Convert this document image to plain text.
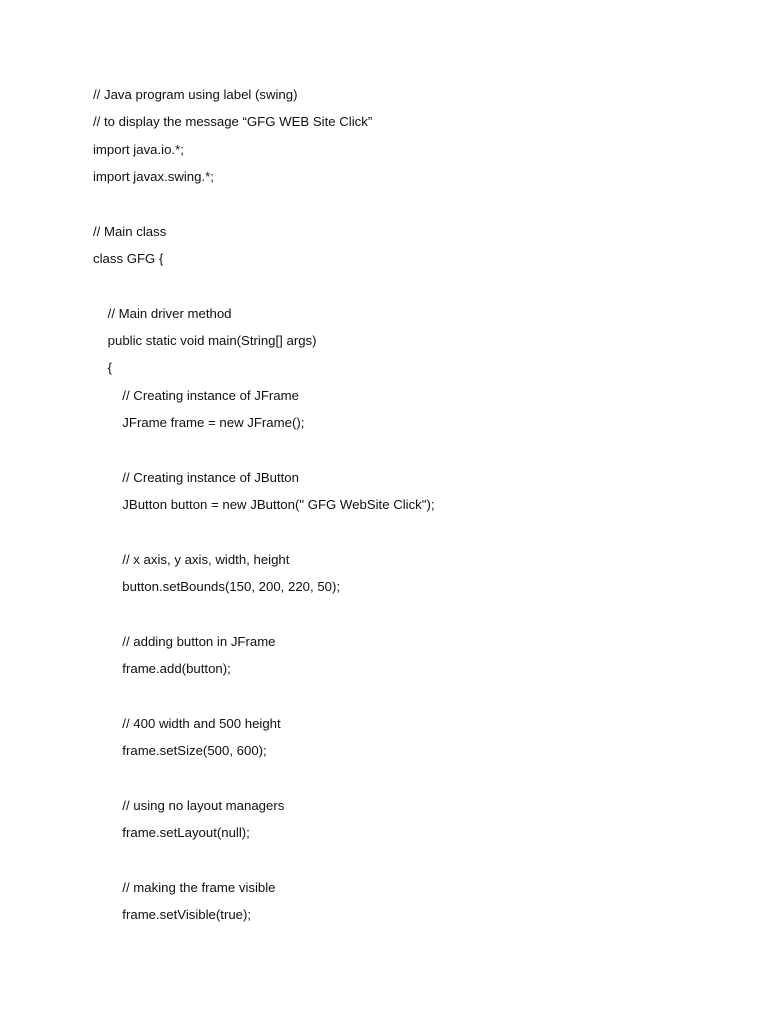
// Java program using label (swing)
// to display the message “GFG WEB Site Click”
import java.io.*;
import javax.swing.*;
// Main class
class GFG {
// Main driver method
public static void main(String[] args)
{
// Creating instance of JFrame
JFrame frame = new JFrame();
// Creating instance of JButton
JButton button = new JButton(" GFG WebSite Click");
// x axis, y axis, width, height
button.setBounds(150, 200, 220, 50);
// adding button in JFrame
frame.add(button);
// 400 width and 500 height
frame.setSize(500, 600);
// using no layout managers
frame.setLayout(null);
// making the frame visible
frame.setVisible(true);
